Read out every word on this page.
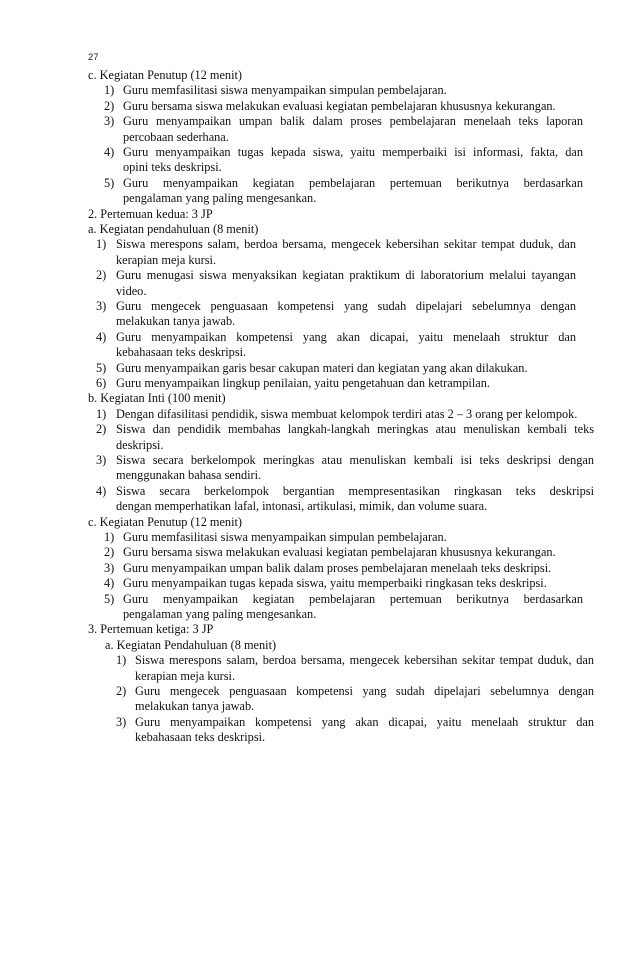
27
c. Kegiatan Penutup (12 menit)
1) Guru memfasilitasi siswa menyampaikan simpulan pembelajaran.
2) Guru bersama siswa melakukan evaluasi kegiatan pembelajaran khususnya kekurangan.
3) Guru menyampaikan umpan balik dalam proses pembelajaran menelaah teks laporan
percobaan sederhana.
4) Guru menyampaikan tugas kepada siswa, yaitu memperbaiki isi informasi, fakta, dan
opini teks deskripsi.
5) Guru menyampaikan kegiatan pembelajaran pertemuan berikutnya berdasarkan
pengalaman yang paling mengesankan.
2. Pertemuan kedua: 3 JP
a. Kegiatan pendahuluan (8 menit)
1) Siswa merespons salam, berdoa bersama, mengecek kebersihan sekitar tempat duduk, dan
kerapian meja kursi.
2) Guru menugasi siswa menyaksikan kegiatan praktikum di laboratorium melalui tayangan
video.
3) Guru mengecek penguasaan kompetensi yang sudah dipelajari sebelumnya dengan
melakukan tanya jawab.
4) Guru menyampaikan kompetensi yang akan dicapai, yaitu menelaah struktur dan
kebahasaan teks deskripsi.
5) Guru menyampaikan garis besar cakupan materi dan kegiatan yang akan dilakukan.
6) Guru menyampaikan lingkup penilaian, yaitu pengetahuan dan ketrampilan.
b. Kegiatan Inti (100 menit)
1) Dengan difasilitasi pendidik, siswa membuat kelompok terdiri atas 2 – 3 orang per kelompok.
2) Siswa dan pendidik membahas langkah-langkah meringkas atau menuliskan kembali teks
deskripsi.
3) Siswa secara berkelompok meringkas atau menuliskan kembali isi teks deskripsi dengan
menggunakan bahasa sendiri.
4) Siswa secara berkelompok bergantian mempresentasikan ringkasan teks deskripsi
dengan memperhatikan lafal, intonasi, artikulasi, mimik, dan volume suara.
c. Kegiatan Penutup (12 menit)
1) Guru memfasilitasi siswa menyampaikan simpulan pembelajaran.
2) Guru bersama siswa melakukan evaluasi kegiatan pembelajaran khususnya kekurangan.
3) Guru menyampaikan umpan balik dalam proses pembelajaran menelaah teks deskripsi.
4) Guru menyampaikan tugas kepada siswa, yaitu memperbaiki ringkasan teks deskripsi.
5) Guru menyampaikan kegiatan pembelajaran pertemuan berikutnya berdasarkan
pengalaman yang paling mengesankan.
3. Pertemuan ketiga: 3 JP
a. Kegiatan Pendahuluan (8 menit)
1) Siswa merespons salam, berdoa bersama, mengecek kebersihan sekitar tempat duduk, dan
kerapian meja kursi.
2) Guru mengecek penguasaan kompetensi yang sudah dipelajari sebelumnya dengan
melakukan tanya jawab.
3) Guru menyampaikan kompetensi yang akan dicapai, yaitu menelaah struktur dan
kebahasaan teks deskripsi.
